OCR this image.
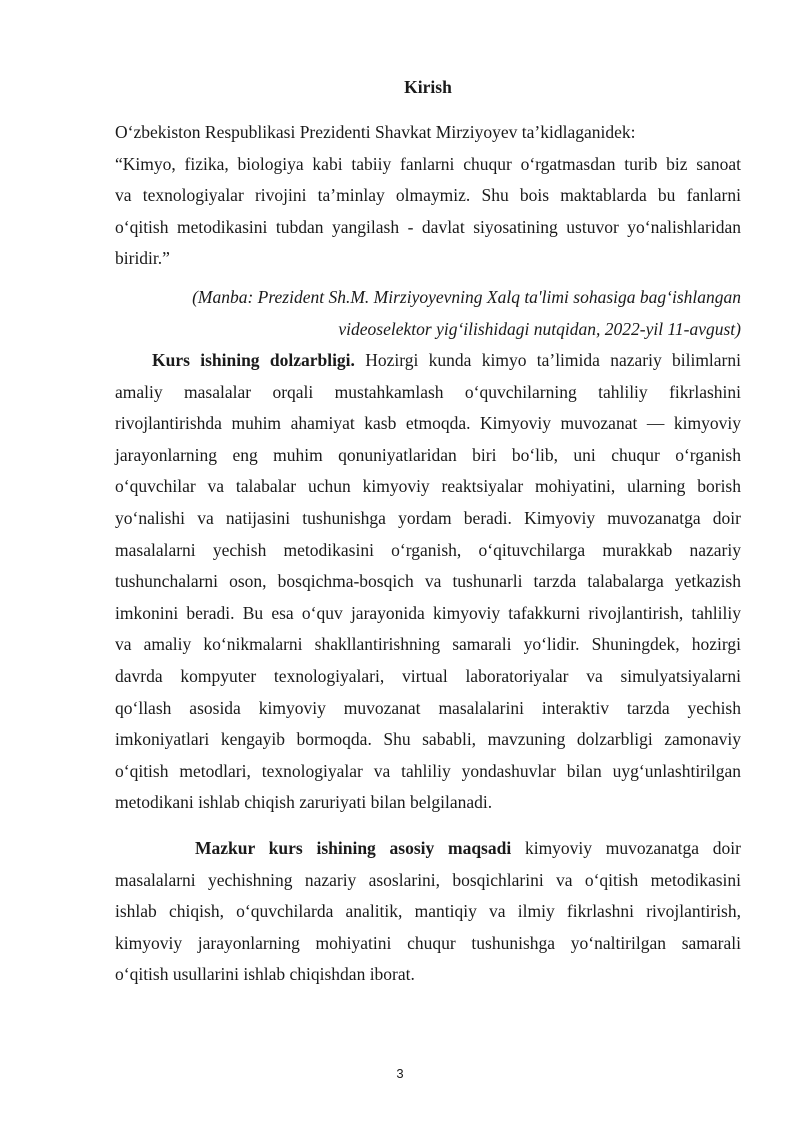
Kirish

O‘zbekiston Respublikasi Prezidenti Shavkat Mirziyoyev ta’kidlaganidek:
“Kimyo, fizika, biologiya kabi tabiiy fanlarni chuqur o‘rgatmasdan turib biz sanoat
va texnologiyalar rivojini ta’minlay olmaymiz. Shu bois maktablarda bu fanlarni
o‘qitish metodikasini tubdan yangilash - davlat siyosatining ustuvor yo‘nalishlaridan
biridir.”

(Manba: Prezident Sh.M. Mirziyoyevning Xalq ta'limi sohasiga bag‘ishlangan
videoselektor yig‘ilishidagi nutqidan, 2022-yil 11-avgust)

Kurs ishining dolzarbligi. Hozirgi kunda kimyo ta’limida nazariy bilimlarni
amaliy masalalar orqali mustahkamlash o‘quvchilarning tahliliy fikrlashini
rivojlantirishda muhim ahamiyat kasb etmoqda. Kimyoviy muvozanat — kimyoviy
jarayonlarning eng muhim qonuniyatlaridan biri bo‘lib, uni chuqur o‘rganish
o‘quvchilar va talabalar uchun kimyoviy reaktsiyalar mohiyatini, ularning borish
yo‘nalishi va natijasini tushunishga yordam beradi. Kimyoviy muvozanatga doir
masalalarni yechish metodikasini o‘rganish, o‘qituvchilarga murakkab nazariy
tushunchalarni oson, bosqichma-bosqich va tushunarli tarzda talabalarga yetkazish
imkonini beradi. Bu esa o‘quv jarayonida kimyoviy tafakkurni rivojlantirish, tahliliy
va amaliy ko‘nikmalarni shakllantirishning samarali yo‘lidir. Shuningdek, hozirgi
davrda kompyuter texnologiyalari, virtual laboratoriyalar va simulyatsiyalarni
qo‘llash asosida kimyoviy muvozanat masalalarini interaktiv tarzda yechish
imkoniyatlari kengayib bormoqda. Shu sababli, mavzuning dolzarbligi zamonaviy
o‘qitish metodlari, texnologiyalar va tahliliy yondashuvlar bilan uyg‘unlashtirilgan
metodikani ishlab chiqish zaruriyati bilan belgilanadi.

Mazkur kurs ishining asosiy maqsadi kimyoviy muvozanatga doir
masalalarni yechishning nazariy asoslarini, bosqichlarini va o‘qitish metodikasini
ishlab chiqish, o‘quvchilarda analitik, mantiqiy va ilmiy fikrlashni rivojlantirish,
kimyoviy jarayonlarning mohiyatini chuqur tushunishga yo‘naltirilgan samarali
o‘qitish usullarini ishlab chiqishdan iborat.

3
